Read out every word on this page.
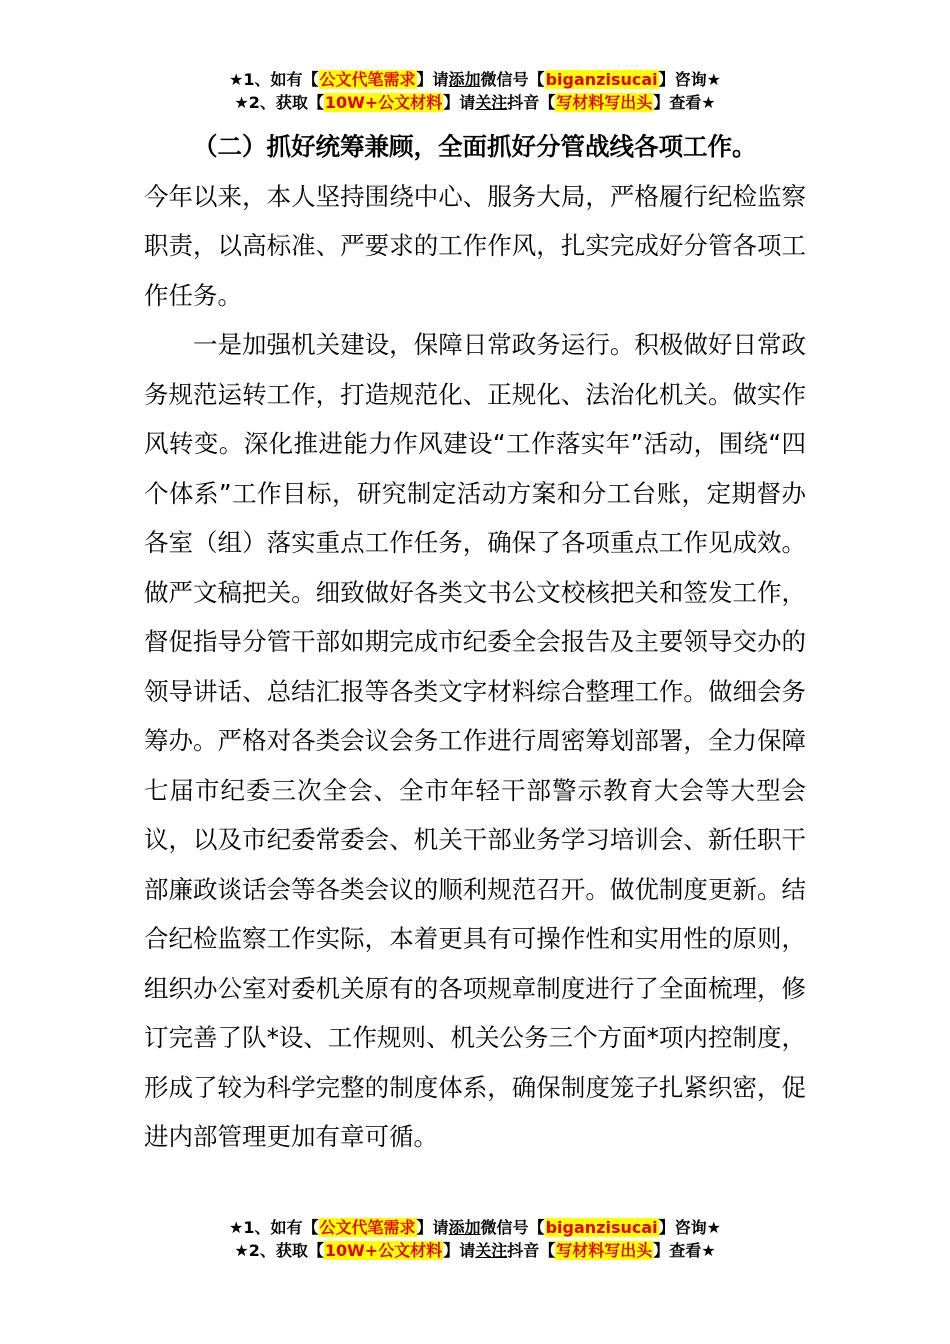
★1、如有【公文代笔需求】请添加微信号【biganzisucai】咨询★
★2、获取【10W+公文材料】请关注抖音【写材料写出头】查看★

（二）抓好统筹兼顾，全面抓好分管战线各项工作。

今年以来，本人坚持围绕中心、服务大局，严格履行纪检监察职责，以高标准、严要求的工作作风，扎实完成好分管各项工作任务。

一是加强机关建设，保障日常政务运行。积极做好日常政务规范运转工作，打造规范化、正规化、法治化机关。做实作风转变。深化推进能力作风建设“工作落实年”活动，围绕“四个体系”工作目标，研究制定活动方案和分工台账，定期督办各室（组）落实重点工作任务，确保了各项重点工作见成效。做严文稿把关。细致做好各类文书公文校核把关和签发工作，督促指导分管干部如期完成市纪委全会报告及主要领导交办的领导讲话、总结汇报等各类文字材料综合整理工作。做细会务筹办。严格对各类会议会务工作进行周密筹划部署，全力保障七届市纪委三次全会、全市年轻干部警示教育大会等大型会议，以及市纪委常委会、机关干部业务学习培训会、新任职干部廉政谈话会等各类会议的顺利规范召开。做优制度更新。结合纪检监察工作实际，本着更具有可操作性和实用性的原则，组织办公室对委机关原有的各项规章制度进行了全面梳理，修订完善了队*设、工作规则、机关公务三个方面*项内控制度，形成了较为科学完整的制度体系，确保制度笼子扎紧织密，促进内部管理更加有章可循。

★1、如有【公文代笔需求】请添加微信号【biganzisucai】咨询★
★2、获取【10W+公文材料】请关注抖音【写材料写出头】查看★
